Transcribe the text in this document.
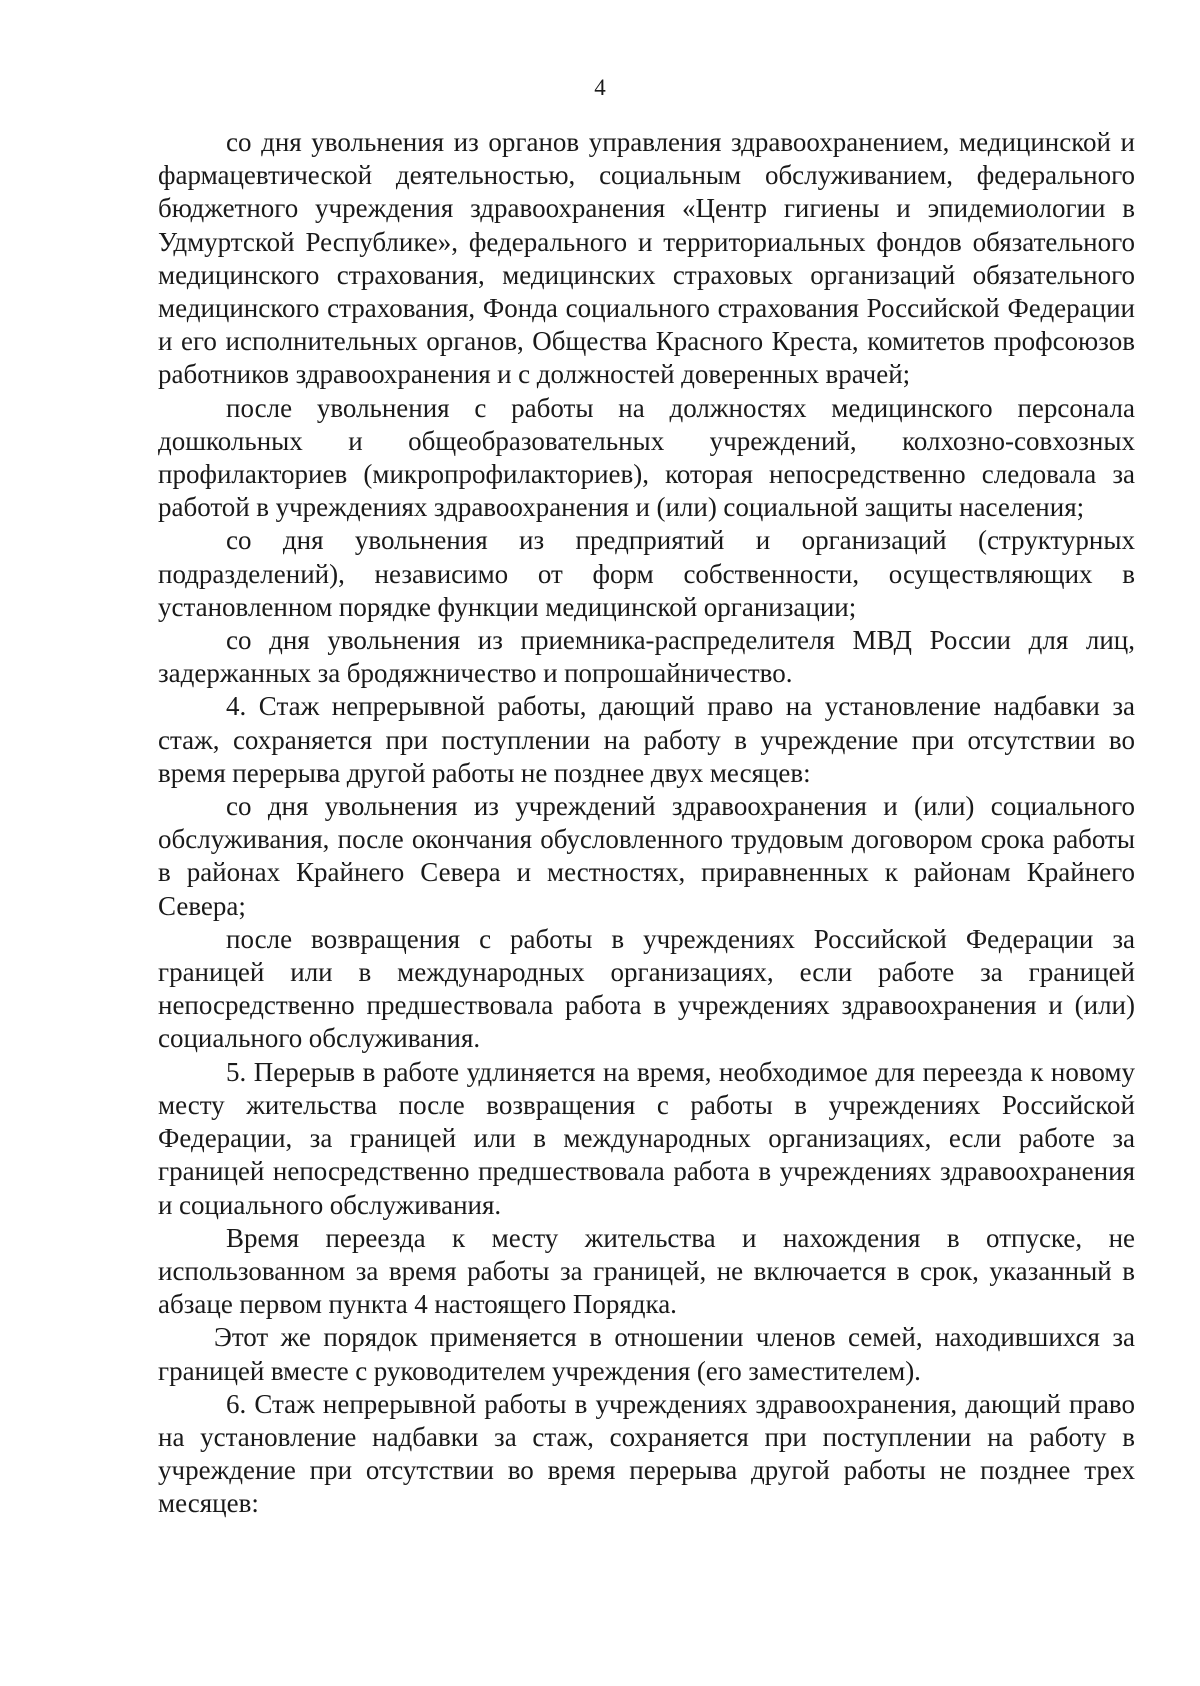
4

со дня увольнения из органов управления здравоохранением, медицинской и фармацевтической деятельностью, социальным обслуживанием, федерального бюджетного учреждения здравоохранения «Центр гигиены и эпидемиологии в Удмуртской Республике», федерального и территориальных фондов обязательного медицинского страхования, медицинских страховых организаций обязательного медицинского страхования, Фонда социального страхования Российской Федерации и его исполнительных органов, Общества Красного Креста, комитетов профсоюзов работников здравоохранения и с должностей доверенных врачей;

после увольнения с работы на должностях медицинского персонала дошкольных и общеобразовательных учреждений, колхозно-совхозных профилакториев (микропрофилакториев), которая непосредственно следовала за работой в учреждениях здравоохранения и (или) социальной защиты населения;

со дня увольнения из предприятий и организаций (структурных подразделений), независимо от форм собственности, осуществляющих в установленном порядке функции медицинской организации;

со дня увольнения из приемника-распределителя МВД России для лиц, задержанных за бродяжничество и попрошайничество.

4. Стаж непрерывной работы, дающий право на установление надбавки за стаж, сохраняется при поступлении на работу в учреждение при отсутствии во время перерыва другой работы не позднее двух месяцев:

со дня увольнения из учреждений здравоохранения и (или) социального обслуживания, после окончания обусловленного трудовым договором срока работы в районах Крайнего Севера и местностях, приравненных к районам Крайнего Севера;

после возвращения с работы в учреждениях Российской Федерации за границей или в международных организациях, если работе за границей непосредственно предшествовала работа в учреждениях здравоохранения и (или) социального обслуживания.

5. Перерыв в работе удлиняется на время, необходимое для переезда к новому месту жительства после возвращения с работы в учреждениях Российской Федерации, за границей или в международных организациях, если работе за границей непосредственно предшествовала работа в учреждениях здравоохранения и социального обслуживания.

Время переезда к месту жительства и нахождения в отпуске, не использованном за время работы за границей, не включается в срок, указанный в абзаце первом пункта 4 настоящего Порядка.

Этот же порядок применяется в отношении членов семей, находившихся за границей вместе с руководителем учреждения (его заместителем).

6. Стаж непрерывной работы в учреждениях здравоохранения, дающий право на установление надбавки за стаж, сохраняется при поступлении на работу в учреждение при отсутствии во время перерыва другой работы не позднее трех месяцев:
